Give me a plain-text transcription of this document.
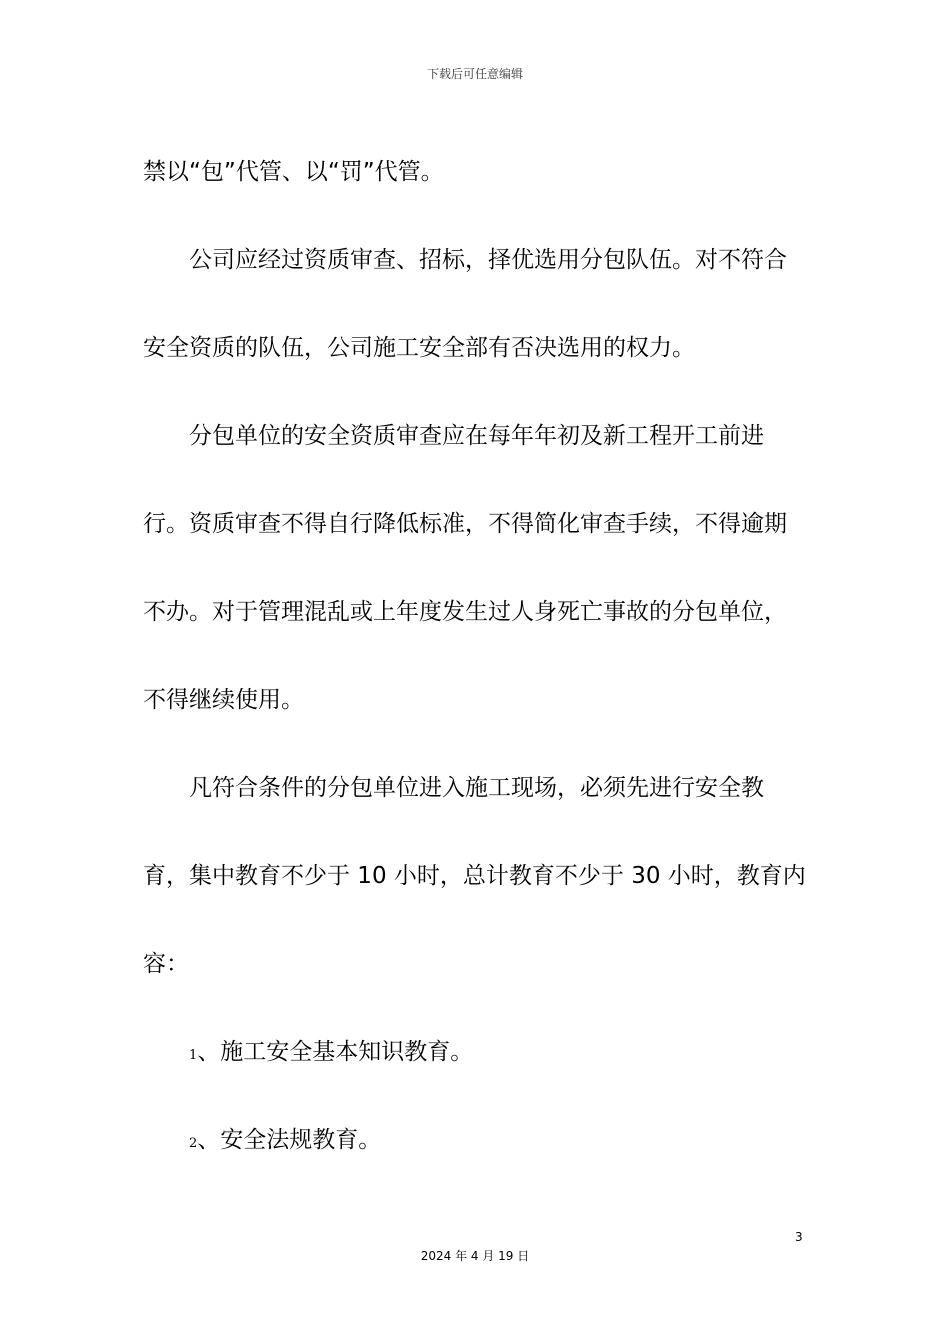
下载后可任意编辑
禁以“包”代管、以“罚”代管。
公司应经过资质审查、招标，择优选用分包队伍。对不符合
安全资质的队伍，公司施工安全部有否决选用的权力。
分包单位的安全资质审查应在每年年初及新工程开工前进
行。资质审查不得自行降低标准，不得简化审查手续，不得逾期
不办。对于管理混乱或上年度发生过人身死亡事故的分包单位，
不得继续使用。
凡符合条件的分包单位进入施工现场，必须先进行安全教
育，集中教育不少于 10 小时，总计教育不少于 30 小时，教育内
容：
1、施工安全基本知识教育。
2、安全法规教育。
3
2024 年 4 月 19 日
